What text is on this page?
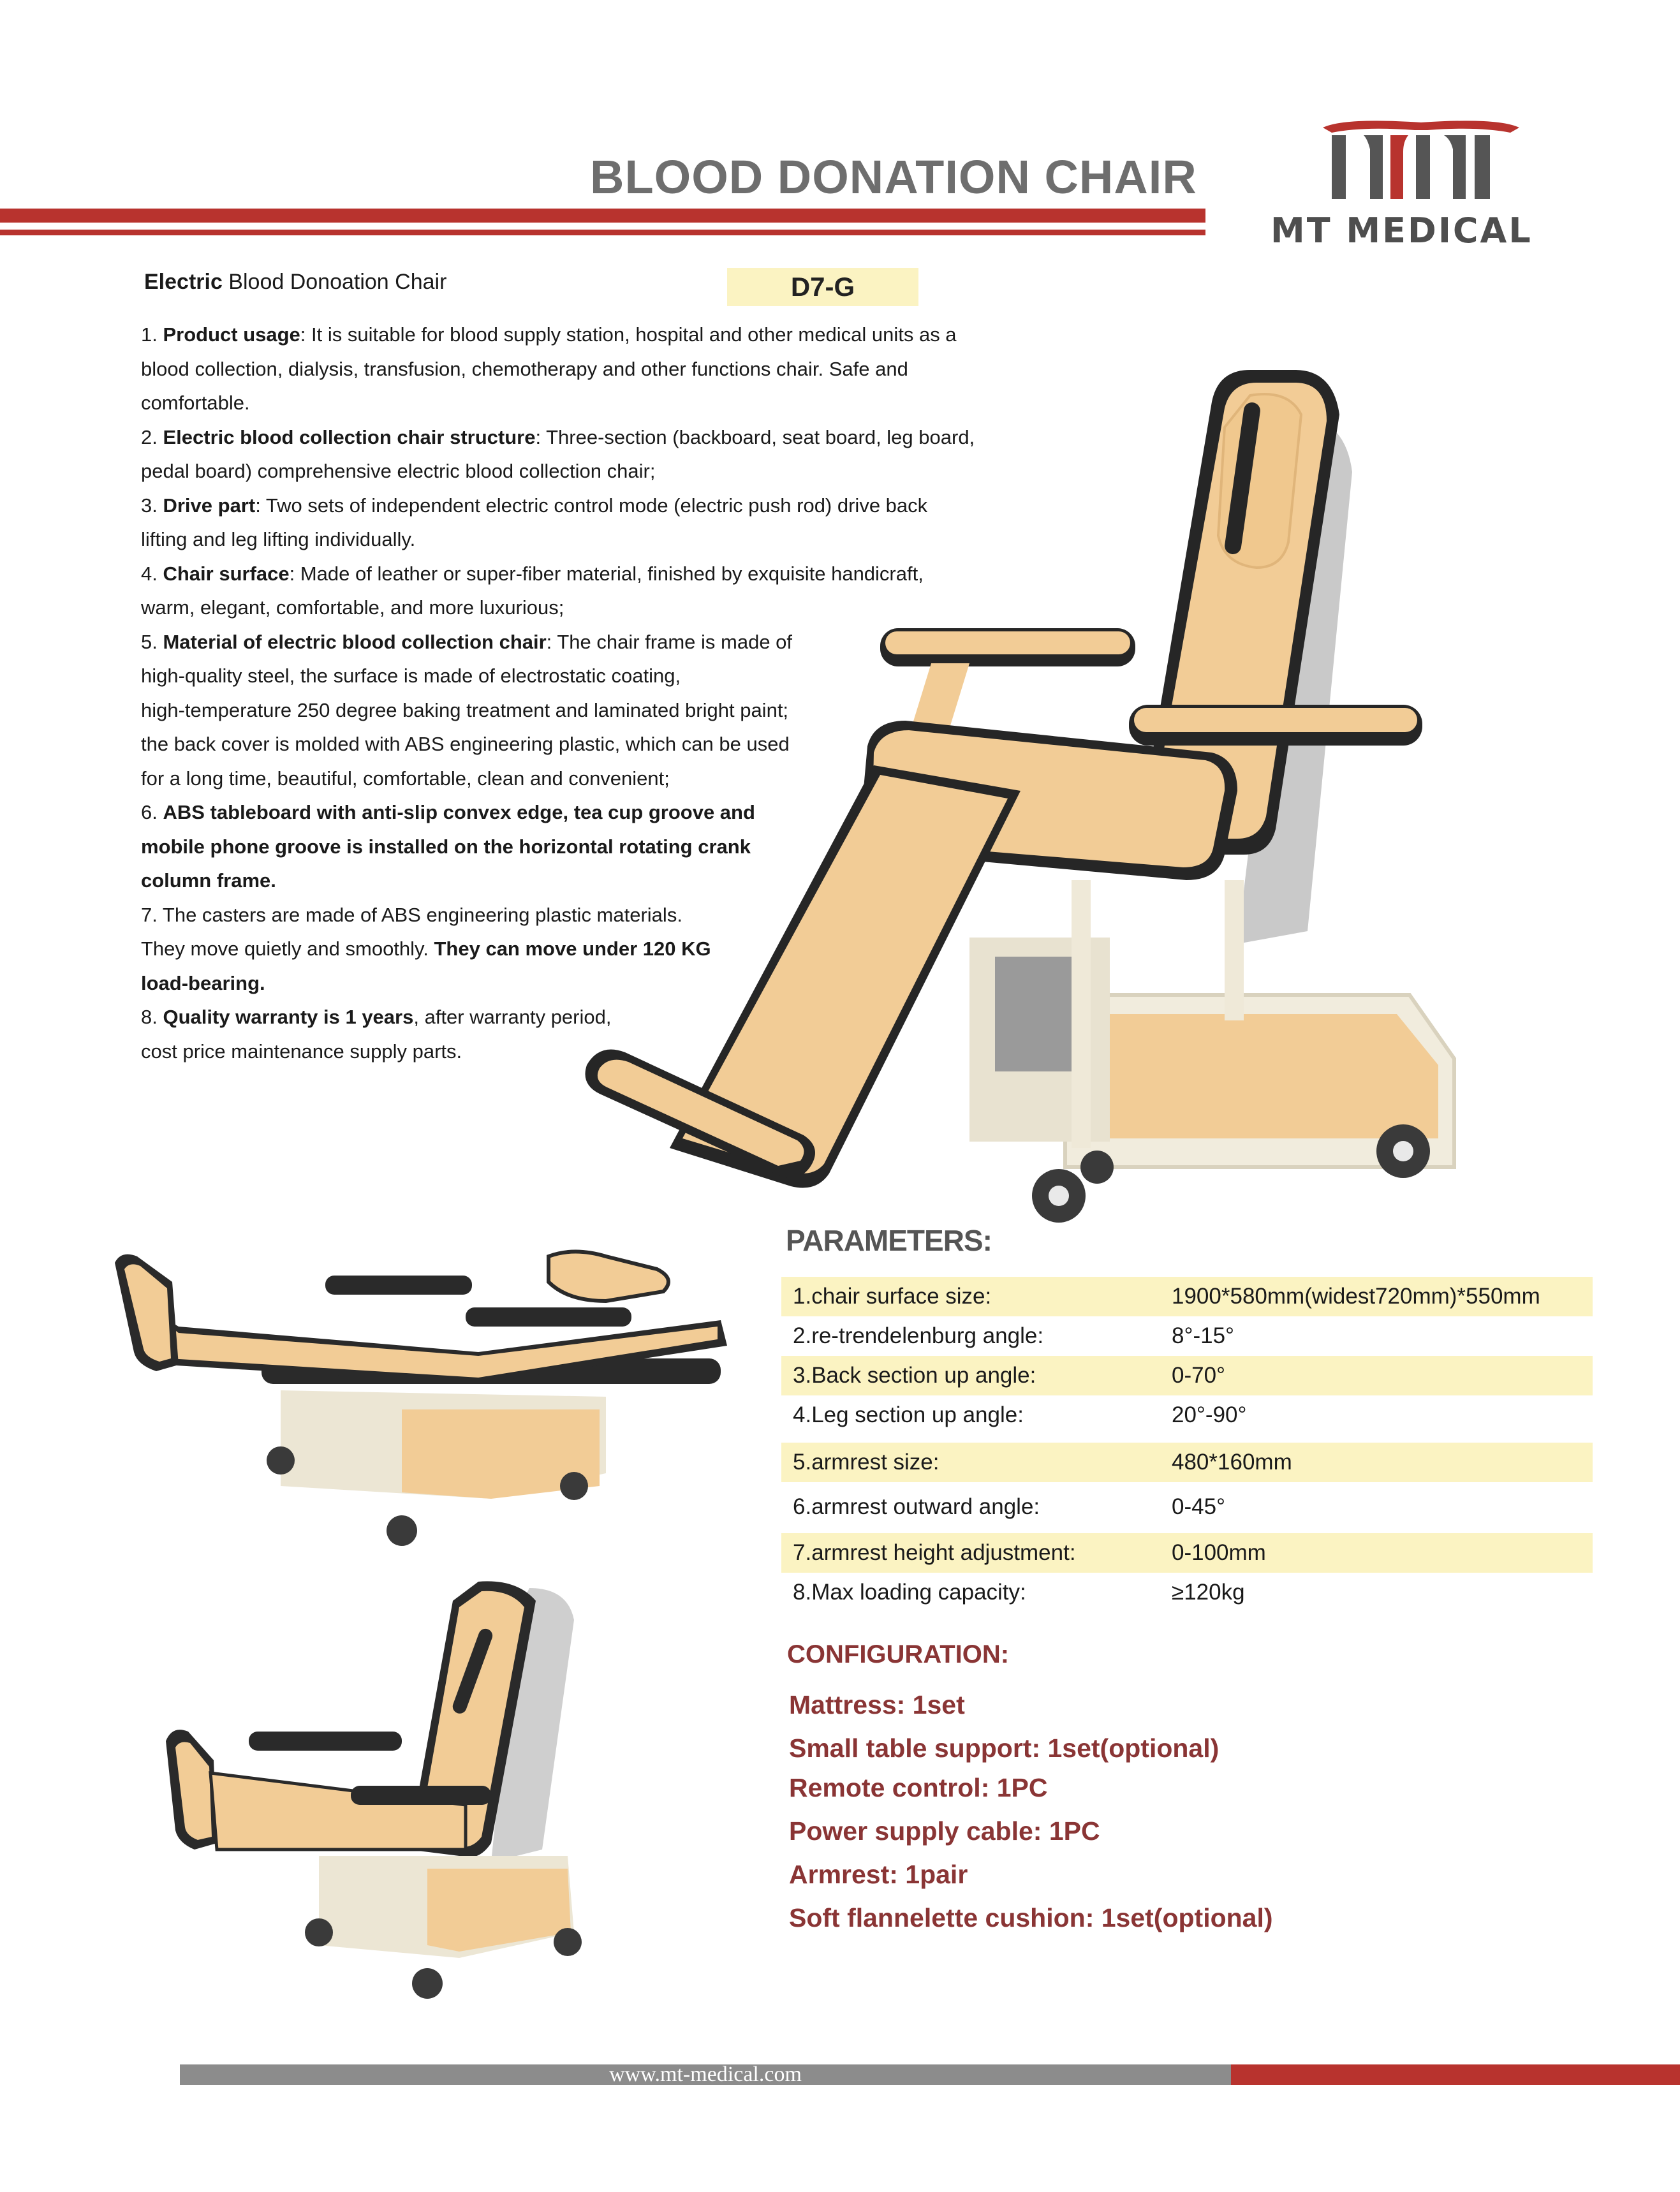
BLOOD DONATION CHAIR
MT MEDICAL
Electric Blood Donoation Chair	D7-G
1. Product usage: It is suitable for blood supply station, hospital and other medical units as a
blood collection, dialysis, transfusion, chemotherapy and other functions chair. Safe and
comfortable.
2. Electric blood collection chair structure: Three-section (backboard, seat board, leg board,
pedal board) comprehensive electric blood collection chair;
3. Drive part: Two sets of independent electric control mode (electric push rod) drive back
lifting and leg lifting individually.
4. Chair surface: Made of leather or super-fiber material, finished by exquisite handicraft,
warm, elegant, comfortable, and more luxurious;
5. Material of electric blood collection chair: The chair frame is made of
high-quality steel, the surface is made of electrostatic coating,
high-temperature 250 degree baking treatment and laminated bright paint;
the back cover is molded with ABS engineering plastic, which can be used
for a long time, beautiful, comfortable, clean and convenient;
6. ABS tableboard with anti-slip convex edge, tea cup groove and
mobile phone groove is installed on the horizontal rotating crank
column frame.
7. The casters are made of ABS engineering plastic materials.
They move quietly and smoothly. They can move under 120 KG
load-bearing.
8. Quality warranty is 1 years, after warranty period,
cost price maintenance supply parts.
PARAMETERS:
1.chair surface size:	1900*580mm(widest720mm)*550mm
2.re-trendelenburg angle:	8°-15°
3.Back section up angle:	0-70°
4.Leg section up angle:	20°-90°
5.armrest size:	480*160mm
6.armrest outward angle:	0-45°
7.armrest height adjustment:	0-100mm
8.Max loading capacity:	≥120kg
CONFIGURATION:
Mattress: 1set
Small table support: 1set(optional)
Remote control: 1PC
Power supply cable: 1PC
Armrest: 1pair
Soft flannelette cushion: 1set(optional)
www.mt-medical.com
